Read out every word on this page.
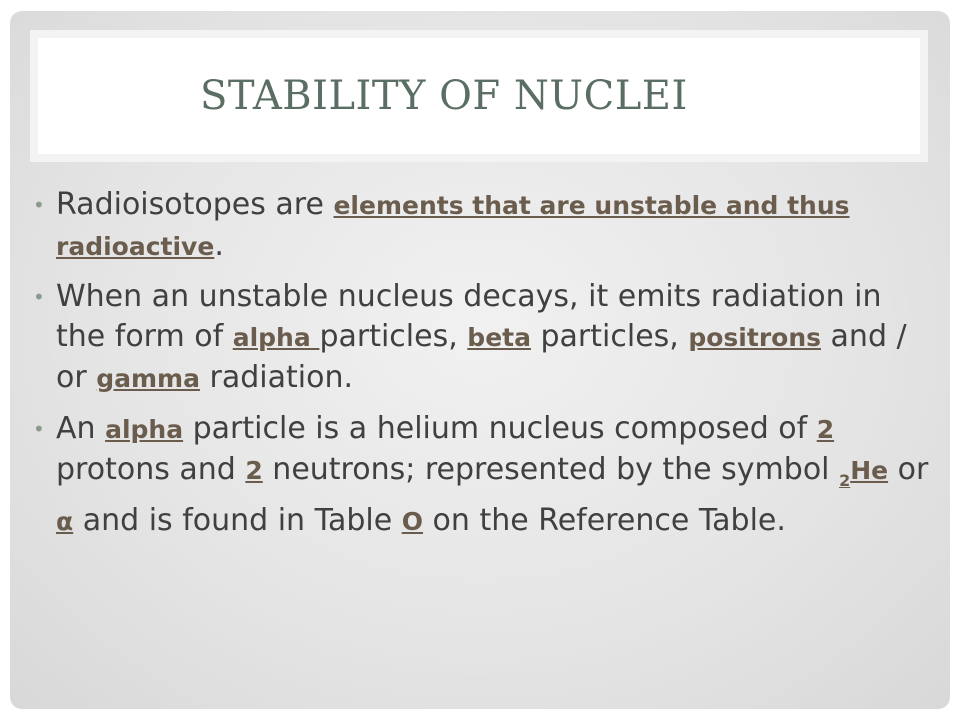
STABILITY OF NUCLEI
• Radioisotopes are elements that are unstable and thus radioactive.
• When an unstable nucleus decays, it emits radiation in the form of alpha particles, beta particles, positrons and / or gamma radiation.
• An alpha particle is a helium nucleus composed of 2 protons and 2 neutrons; represented by the symbol $_2$He or α and is found in Table O on the Reference Table.
